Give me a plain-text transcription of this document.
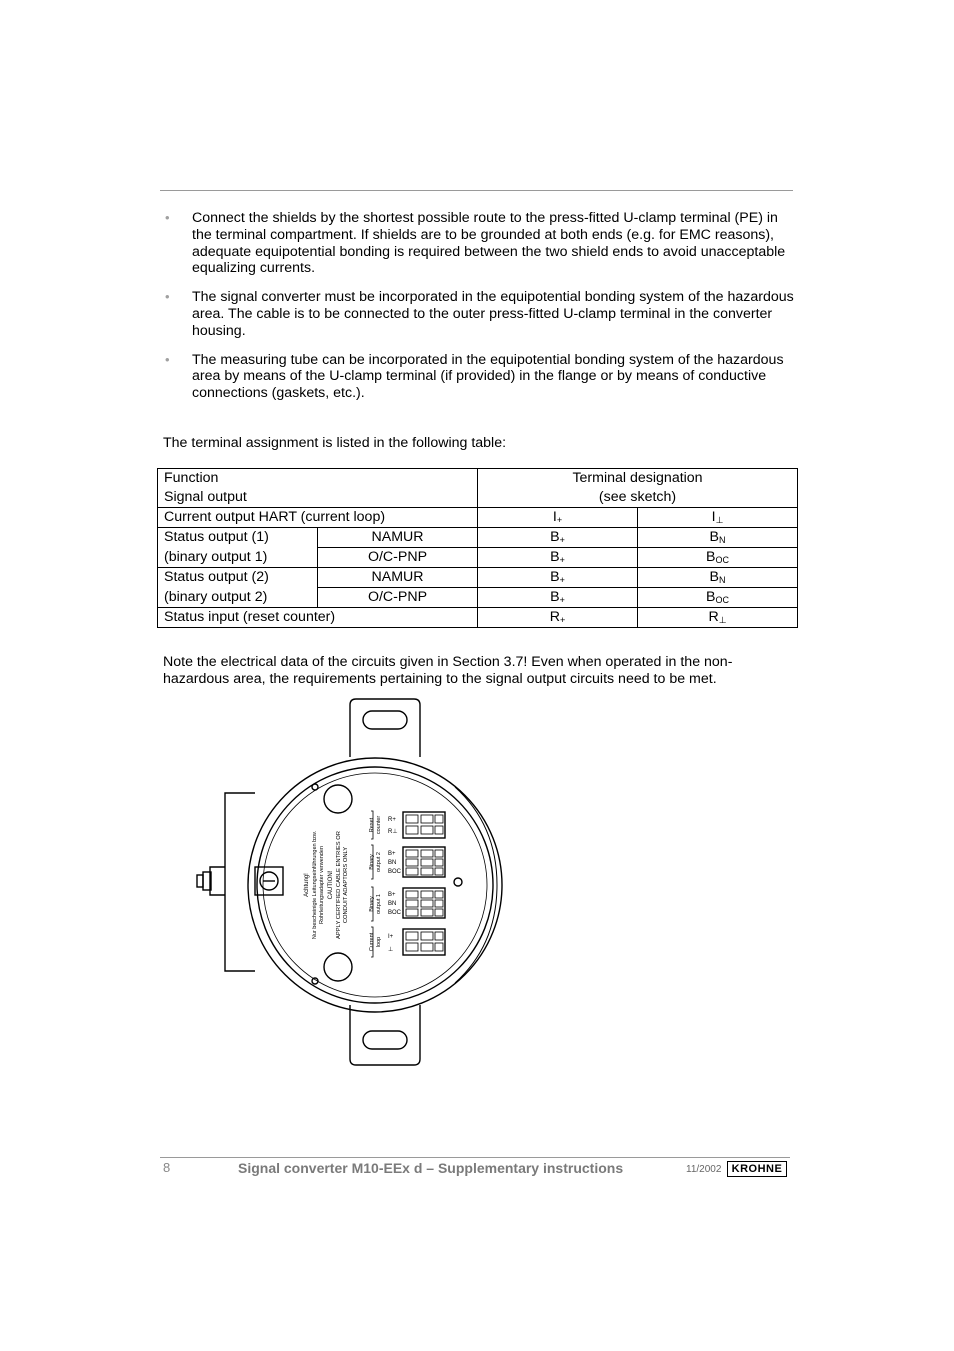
• Connect the shields by the shortest possible route to the press-fitted U-clamp terminal (PE) in the terminal compartment. If shields are to be grounded at both ends (e.g. for EMC reasons), adequate equipotential bonding is required between the two shield ends to avoid unacceptable equalizing currents.
• The signal converter must be incorporated in the equipotential bonding system of the hazardous area. The cable is to be connected to the outer press-fitted U-clamp terminal in the converter housing.
• The measuring tube can be incorporated in the equipotential bonding system of the hazardous area by means of the U-clamp terminal (if provided) in the flange or by means of conductive connections (gaskets, etc.).

The terminal assignment is listed in the following table:

Function		Terminal designation	
Signal output		(see sketch)	
Current output HART (current loop)		$I_+$	$I_\perp$
Status output (1)	NAMUR	$B_+$	$B_N$
(binary output 1)	O/C-PNP	$B_+$	$B_{OC}$
Status output (2)	NAMUR	$B_+$	$B_N$
(binary output 2)	O/C-PNP	$B_+$	$B_{OC}$
Status input (reset counter)		$R_+$	$R_\perp$

Note the electrical data of the circuits given in Section 3.7! Even when operated in the non-hazardous area, the requirements pertaining to the signal output circuits need to be met.

Achtung! Nur bescheinigte Leitungseinführungen bzw. Rohrleitungsadapter verwenden CAUTION! APPLY CERTIFIED CABLE ENTRIES OR CONDUIT ADAPTORS ONLY
Reset counter
Binary output 2
Binary output 1
Current loop
R+
R⊥
B+
BN
BOC
B+
BN
BOC
I+
⊥
8	Signal converter M10-EEx d – Supplementary instructions	11/2002 KROHNE
